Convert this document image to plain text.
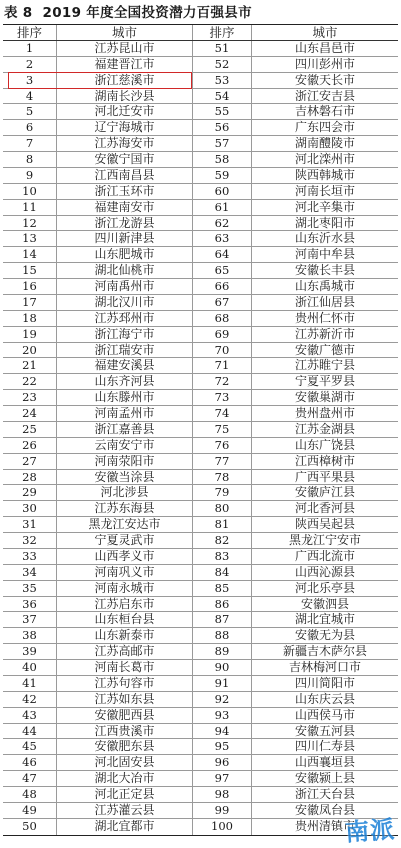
表 8 2019 年度全国投资潜力百强县市
排序	城市	排序	城市
1	江苏昆山市	51	山东昌邑市
2	福建晋江市	52	四川彭州市
3	浙江慈溪市	53	安徽天长市
4	湖南长沙县	54	浙江安吉县
5	河北迁安市	55	吉林磐石市
6	辽宁海城市	56	广东四会市
7	江苏海安市	57	湖南醴陵市
8	安徽宁国市	58	河北滦州市
9	江西南昌县	59	陕西韩城市
10	浙江玉环市	60	河南长垣市
11	福建南安市	61	河北辛集市
12	浙江龙游县	62	湖北枣阳市
13	四川新津县	63	山东沂水县
14	山东肥城市	64	河南中牟县
15	湖北仙桃市	65	安徽长丰县
16	河南禹州市	66	山东禹城市
17	湖北汉川市	67	浙江仙居县
18	江苏邳州市	68	贵州仁怀市
19	浙江海宁市	69	江苏新沂市
20	浙江瑞安市	70	安徽广德市
21	福建安溪县	71	江苏睢宁县
22	山东齐河县	72	宁夏平罗县
23	山东滕州市	73	安徽巢湖市
24	河南孟州市	74	贵州盘州市
25	浙江嘉善县	75	江苏金湖县
26	云南安宁市	76	山东广饶县
27	河南荥阳市	77	江西樟树市
28	安徽当涂县	78	广西平果县
29	河北涉县	79	安徽庐江县
30	江苏东海县	80	河北香河县
31	黑龙江安达市	81	陕西吴起县
32	宁夏灵武市	82	黑龙江宁安市
33	山西孝义市	83	广西北流市
34	河南巩义市	84	山西沁源县
35	河南永城市	85	河北乐亭县
36	江苏启东市	86	安徽泗县
37	山东桓台县	87	湖北宜城市
38	山东新泰市	88	安徽无为县
39	江苏高邮市	89	新疆吉木萨尔县
40	河南长葛市	90	吉林梅河口市
41	江苏句容市	91	四川简阳市
42	江苏如东县	92	山东庆云县
43	安徽肥西县	93	山西侯马市
44	江西贵溪市	94	安徽五河县
45	安徽肥东县	95	四川仁寿县
46	河北固安县	96	山西襄垣县
47	湖北大冶市	97	安徽颍上县
48	河北正定县	98	浙江天台县
49	江苏灌云县	99	安徽凤台县
50	湖北宜都市	100	贵州清镇市
南派
